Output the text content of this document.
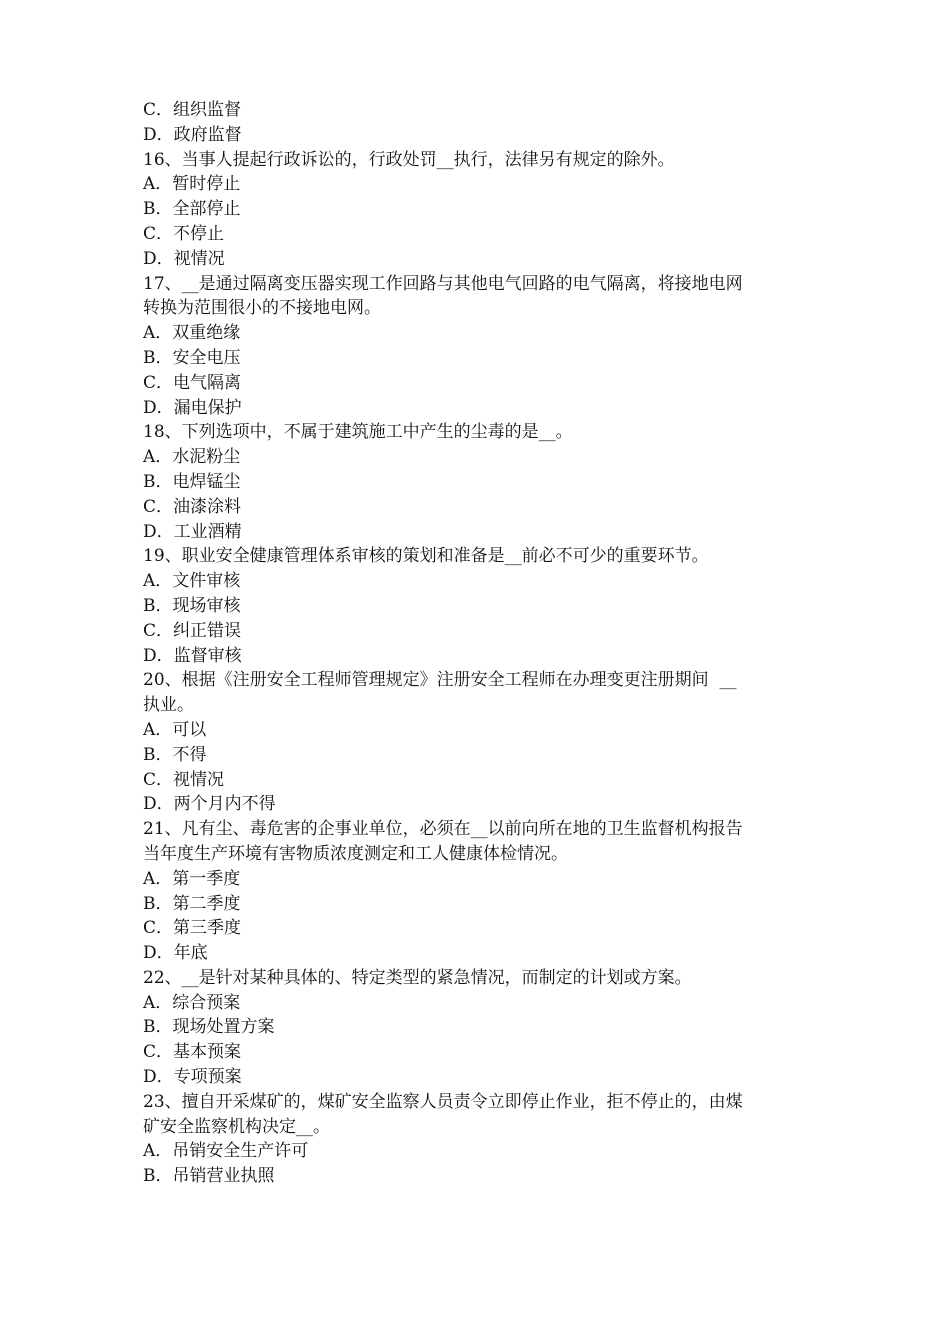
C．组织监督
D．政府监督
16、当事人提起行政诉讼的，行政处罚__执行，法律另有规定的除外。
A．暂时停止
B．全部停止
C．不停止
D．视情况
17、__是通过隔离变压器实现工作回路与其他电气回路的电气隔离，将接地电网
转换为范围很小的不接地电网。
A．双重绝缘
B．安全电压
C．电气隔离
D．漏电保护
18、下列选项中，不属于建筑施工中产生的尘毒的是__。
A．水泥粉尘
B．电焊锰尘
C．油漆涂料
D．工业酒精
19、职业安全健康管理体系审核的策划和准备是__前必不可少的重要环节。
A．文件审核
B．现场审核
C．纠正错误
D．监督审核
20、根据《注册安全工程师管理规定》注册安全工程师在办理变更注册期间  __
执业。
A．可以
B．不得
C．视情况
D．两个月内不得
21、凡有尘、毒危害的企事业单位，必须在__以前向所在地的卫生监督机构报告
当年度生产环境有害物质浓度测定和工人健康体检情况。
A．第一季度
B．第二季度
C．第三季度
D．年底
22、__是针对某种具体的、特定类型的紧急情况，而制定的计划或方案。
A．综合预案
B．现场处置方案
C．基本预案
D．专项预案
23、擅自开采煤矿的，煤矿安全监察人员责令立即停止作业，拒不停止的，由煤
矿安全监察机构决定__。
A．吊销安全生产许可
B．吊销营业执照
